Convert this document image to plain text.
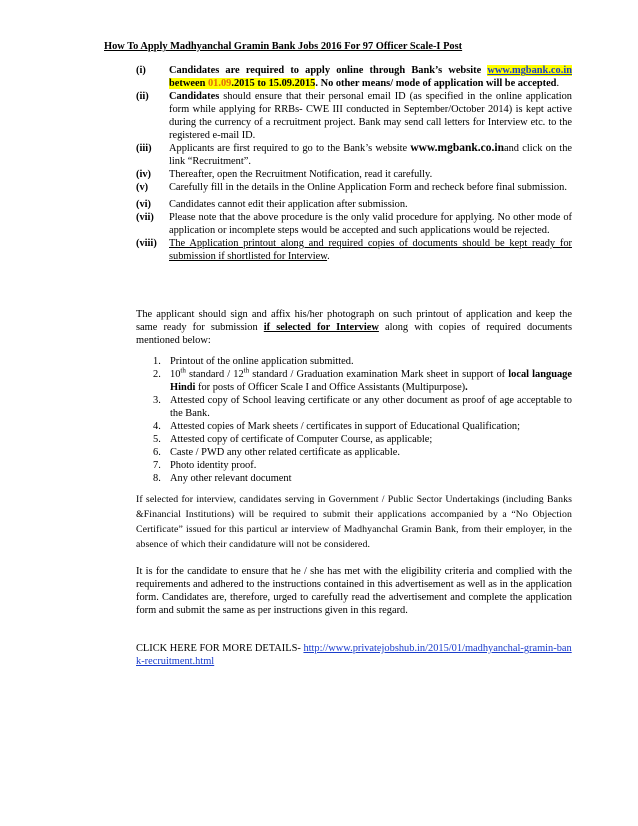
How To Apply Madhyanchal Gramin Bank Jobs 2016 For 97 Officer Scale-I Post
(i) Candidates are required to apply online through Bank’s website www.mgbank.co.in between 01.09.2015 to 15.09.2015. No other means/ mode of application will be accepted.
(ii) Candidates should ensure that their personal email ID (as specified in the online application form while applying for RRBs- CWE III conducted in September/October 2014) is kept active during the currency of a recruitment project. Bank may send call letters for Interview etc. to the registered e-mail ID.
(iii) Applicants are first required to go to the Bank’s website www.mgbank.co.inand click on the link “Recruitment”.
(iv) Thereafter, open the Recruitment Notification, read it carefully.
(v) Carefully fill in the details in the Online Application Form and recheck before final submission.
(vi) Candidates cannot edit their application after submission.
(vii) Please note that the above procedure is the only valid procedure for applying. No other mode of application or incomplete steps would be accepted and such applications would be rejected.
(viii) The Application printout along and required copies of documents should be kept ready for submission if shortlisted for Interview.
The applicant should sign and affix his/her photograph on such printout of application and keep the same ready for submission if selected for Interview along with copies of required documents mentioned below:
1. Printout of the online application submitted.
2. 10th standard / 12th standard / Graduation examination Mark sheet in support of local language Hindi for posts of Officer Scale I and Office Assistants (Multipurpose).
3. Attested copy of School leaving certificate or any other document as proof of age acceptable to the Bank.
4. Attested copies of Mark sheets / certificates in support of Educational Qualification;
5. Attested copy of certificate of Computer Course, as applicable;
6. Caste / PWD any other related certificate as applicable.
7. Photo identity proof.
8. Any other relevant document
If selected for interview, candidates serving in Government / Public Sector Undertakings (including Banks &Financial Institutions) will be required to submit their applications accompanied by a “No Objection Certificate” issued for this particul ar interview of Madhyanchal Gramin Bank, from their employer, in the absence of which their candidature will not be considered.
It is for the candidate to ensure that he / she has met with the eligibility criteria and complied with the requirements and adhered to the instructions contained in this advertisement as well as in the application form. Candidates are, therefore, urged to carefully read the advertisement and complete the application form and submit the same as per instructions given in this regard.
CLICK HERE FOR MORE DETAILS- http://www.privatejobshub.in/2015/01/madhyanchal-gramin-bank-recruitment.html
